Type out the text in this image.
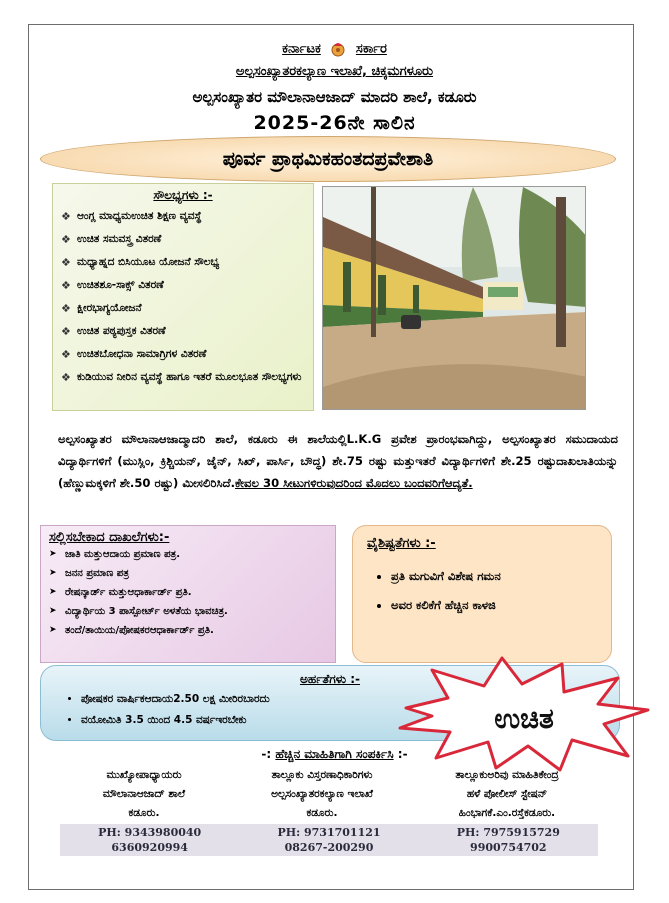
ಕರ್ನಾಟಕ	ಸರ್ಕಾರ
ಅಲ್ಪಸಂಖ್ಯಾತರಕಲ್ಯಾಣ ಇಲಾಖೆ, ಚಿಕ್ಕಮಗಳೂರು
ಅಲ್ಪಸಂಖ್ಯಾತರ ಮೌಲಾನಾಆಜಾದ್ ಮಾದರಿ ಶಾಲೆ, ಕಡೂರು
2025-26ನೇ ಸಾಲಿನ
ಪೂರ್ವ ಪ್ರಾಥಮಿಕಹಂತದಪ್ರವೇಶಾತಿ
ಸೌಲಭ್ಯಗಳು :-
❖ ಆಂಗ್ಲ ಮಾಧ್ಯಮಉಚಿತ ಶಿಕ್ಷಣ ವ್ಯವಸ್ಥೆ
❖ ಉಚಿತ ಸಮವಸ್ತ್ರ ವಿತರಣೆ
❖ ಮಧ್ಯಾಹ್ನದ ಬಿಸಿಯೂಟ ಯೋಜನೆ ಸೌಲಭ್ಯ
❖ ಉಚಿತಶೂ-ಸಾಕ್ಸ್ ವಿತರಣೆ
❖ ಕ್ಷೀರಭಾಗ್ಯಯೋಜನೆ
❖ ಉಚಿತ ಪಠ್ಯಪುಸ್ತಕ ವಿತರಣೆ
❖ ಉಚಿತಬೋಧನಾ ಸಾಮಾಗ್ರಿಗಳ ವಿತರಣೆ
❖ ಕುಡಿಯುವ ನೀರಿನ ವ್ಯವಸ್ಥೆ ಹಾಗೂ ಇತರೆ ಮೂಲಭೂತ ಸೌಲಭ್ಯಗಳು
ಅಲ್ಪಸಂಖ್ಯಾತರ ಮೌಲಾನಾಆಜಾದ್ಮಾದರಿ ಶಾಲೆ, ಕಡೂರು ಈ ಶಾಲೆಯಲ್ಲಿL.K.G ಪ್ರವೇಶ ಪ್ರಾರಂಭವಾಗಿದ್ದು, ಅಲ್ಪಸಂಖ್ಯಾತರ ಸಮುದಾಯದ ವಿದ್ಯಾರ್ಥಿಗಳಿಗೆ (ಮುಸ್ಲಿಂ, ಕ್ರಿಶ್ಚಿಯನ್, ಜೈನ್, ಸಿಖ್, ಪಾರ್ಸಿ, ಬೌದ್ಧ) ಶೇ.75 ರಷ್ಟು ಮತ್ತುಇತರೆ ವಿದ್ಯಾರ್ಥಿಗಳಿಗೆ ಶೇ.25 ರಷ್ಟುದಾಖಲಾತಿಯನ್ನು (ಹೆಣ್ಣುಮಕ್ಕಳಿಗೆ ಶೇ.50 ರಷ್ಟು) ಮೀಸಲಿರಿಸಿದೆ.ಕೇವಲ 30 ಸೀಟುಗಳಿರುವುದರಿಂದ ಮೊದಲು ಬಂದವರಿಗೆಆದ್ಯತೆ.
ಸಲ್ಲಿಸಬೇಕಾದ ದಾಖಲೆಗಳು:-
➤ ಜಾತಿ ಮತ್ತುಆದಾಯ ಪ್ರಮಾಣ ಪತ್ರ.
➤ ಜನನ ಪ್ರಮಾಣ ಪತ್ರ
➤ ರೇಷನ್ಕಾರ್ಡ್ ಮತ್ತುಆಧಾರ್ಕಾರ್ಡ್ ಪ್ರತಿ.
➤ ವಿದ್ಯಾರ್ಥಿಯ 3 ಪಾಸ್ಪೋರ್ಟ್ ಅಳತೆಯ ಭಾವಚಿತ್ರ.
➤ ತಂದೆ/ತಾಯಿಯ/ಪೋಷಕರಆಧಾರ್ಕಾರ್ಡ್ ಪ್ರತಿ.
ವೈಶಿಷ್ಟತೆಗಳು :-
• ಪ್ರತಿ ಮಗುವಿಗೆ ವಿಶೇಷ ಗಮನ
• ಅವರ ಕಲಿಕೆಗೆ ಹೆಚ್ಚಿನ ಕಾಳಜಿ
ಅರ್ಹತೆಗಳು :-
• ಪೋಷಕರ ವಾರ್ಷಿಕಆದಾಯ2.50 ಲಕ್ಷ ಮೀರಿರಬಾರದು
• ವಯೋಮಿತಿ 3.5 ಯಿಂದ 4.5 ವರ್ಷಇರಬೇಕು	ಉಚಿತ
-: ಹೆಚ್ಚಿನ ಮಾಹಿತಿಗಾಗಿ ಸಂಪರ್ಕಿಸಿ :-
ಮುಖ್ಯೋಪಾಧ್ಯಾಯರು
ಮೌಲಾನಾಆಜಾದ್ ಶಾಲೆ
ಕಡೂರು.
ತಾಲ್ಲೂಕು ವಿಸ್ತರಣಾಧಿಕಾರಿಗಳು
ಅಲ್ಪಸಂಖ್ಯಾತರಕಲ್ಯಾಣ ಇಲಾಖೆ
ಕಡೂರು.
ತಾಲ್ಲೂಕುಅರಿವು ಮಾಹಿತಿಕೇಂದ್ರ
ಹಳೆ ಪೋಲೀಸ್ ಸ್ಟೇಷನ್
ಹಿಂಭಾಗಕೆ.ಎಂ.ರಸ್ತೆಕಡೂರು.
PH: 9343980040
6360920994
PH: 9731701121
08267-200290
PH: 7975915729
9900754702
